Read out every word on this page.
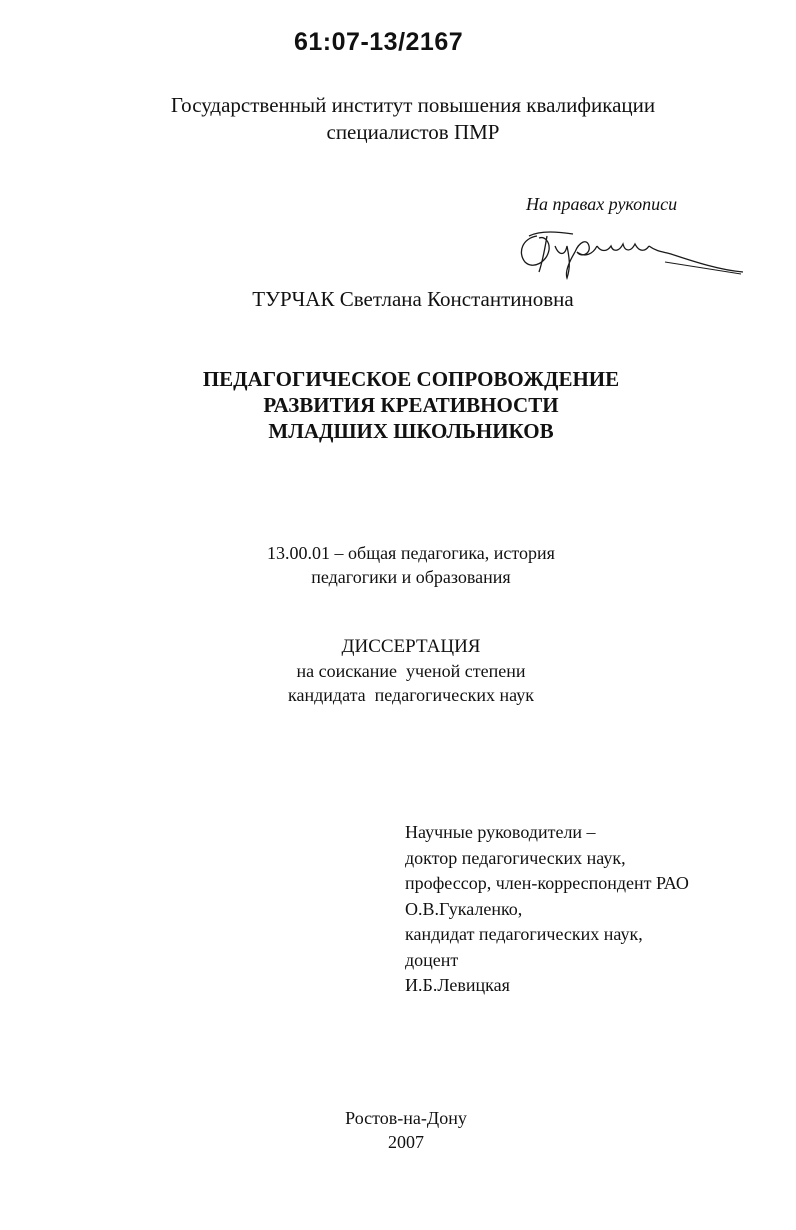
61:07-13/2167
Государственный институт повышения квалификации
специалистов ПМР
На правах рукописи
ТУРЧАК Светлана Константиновна
ПЕДАГОГИЧЕСКОЕ СОПРОВОЖДЕНИЕ
РАЗВИТИЯ КРЕАТИВНОСТИ
МЛАДШИХ ШКОЛЬНИКОВ
13.00.01 – общая педагогика, история
педагогики и образования
ДИССЕРТАЦИЯ
на соискание  ученой степени
кандидата  педагогических наук
Научные руководители –
доктор педагогических наук,
профессор, член-корреспондент РАО
О.В.Гукаленко,
кандидат педагогических наук,
доцент
И.Б.Левицкая
Ростов-на-Дону
2007
